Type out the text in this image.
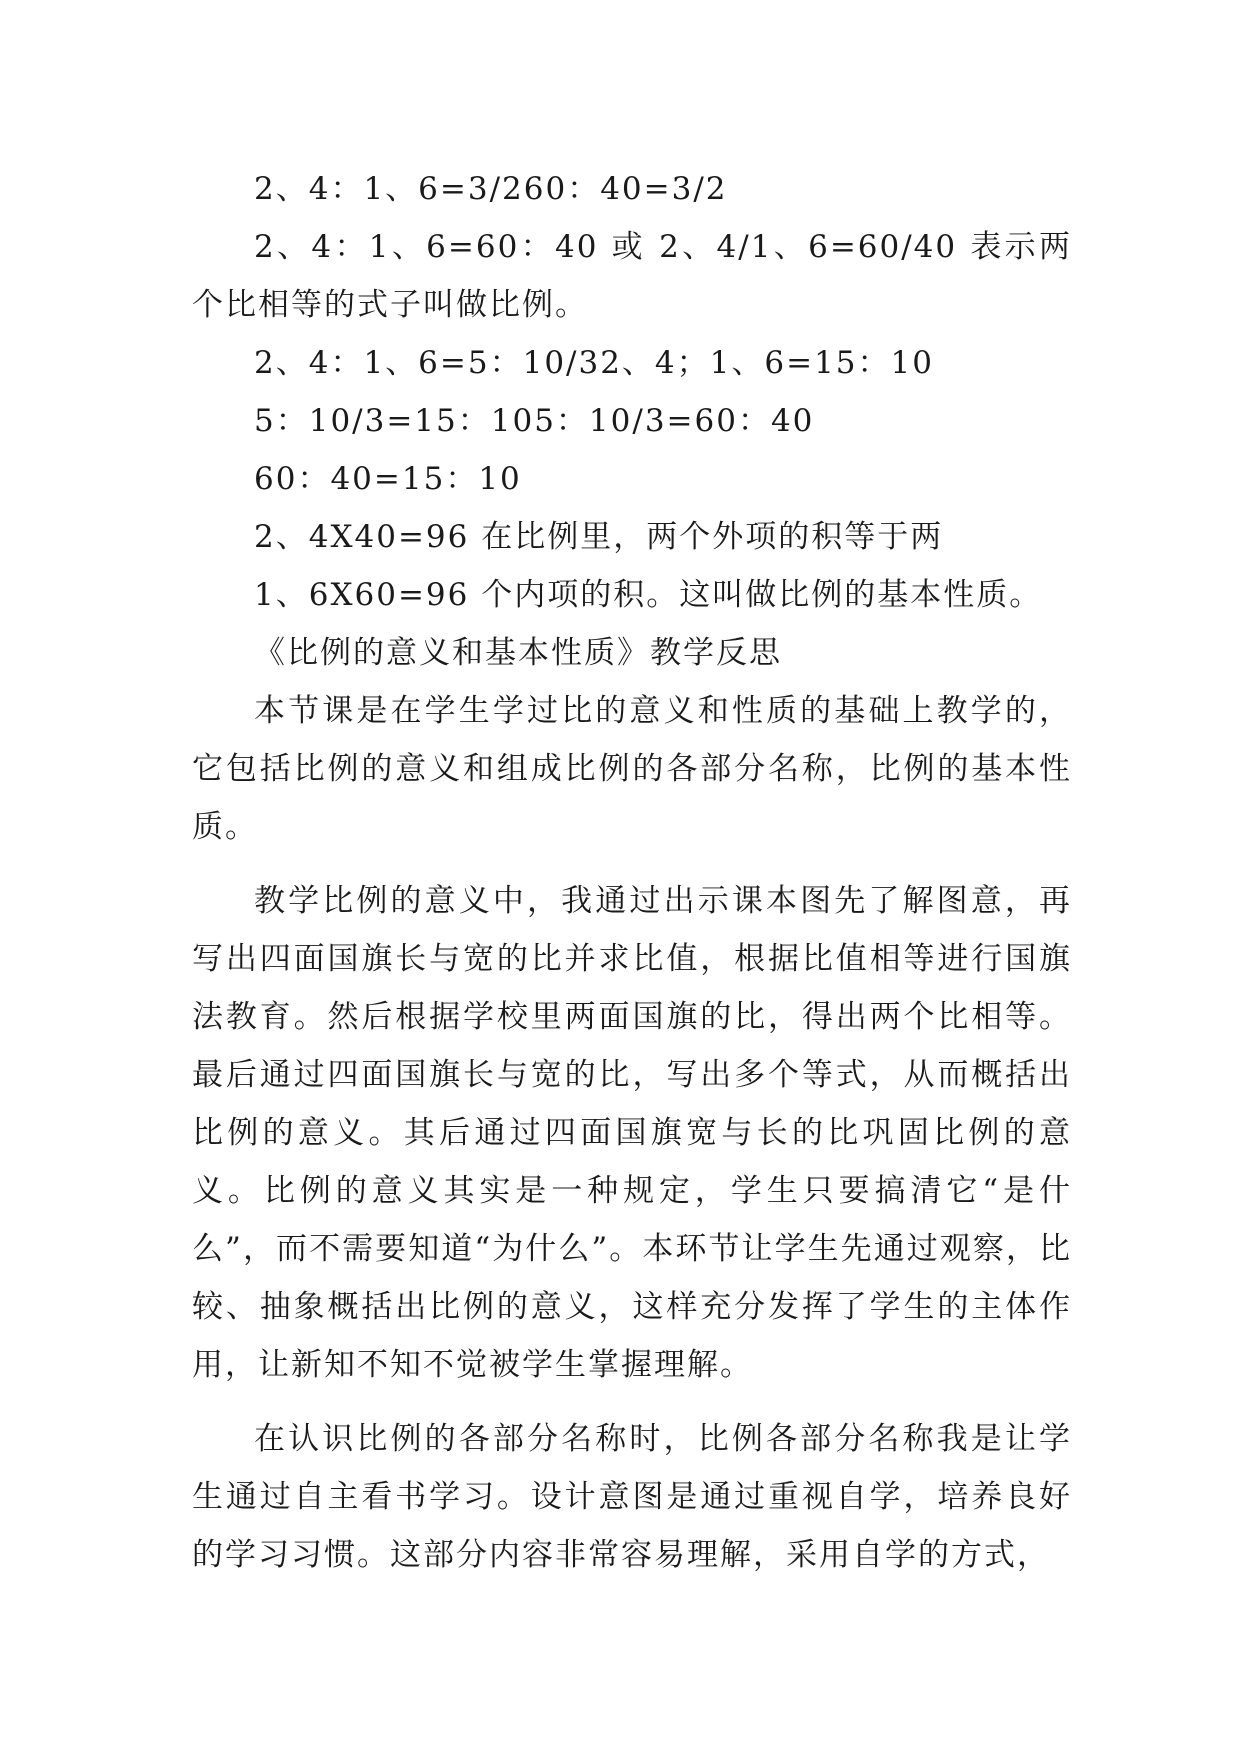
2、4：1、6=3/260：40=3/2
2、4：1、6=60：40 或 2、4/1、6=60/40 表示两个比相等的式子叫做比例。
2、4：1、6=5：10/32、4；1、6=15：10
5：10/3=15：105：10/3=60：40
60：40=15：10
2、4X40=96 在比例里，两个外项的积等于两
1、6X60=96 个内项的积。这叫做比例的基本性质。
《比例的意义和基本性质》教学反思
本节课是在学生学过比的意义和性质的基础上教学的，它包括比例的意义和组成比例的各部分名称，比例的基本性质。
教学比例的意义中，我通过出示课本图先了解图意，再写出四面国旗长与宽的比并求比值，根据比值相等进行国旗法教育。然后根据学校里两面国旗的比，得出两个比相等。最后通过四面国旗长与宽的比，写出多个等式，从而概括出比例的意义。其后通过四面国旗宽与长的比巩固比例的意义。比例的意义其实是一种规定，学生只要搞清它“是什么”，而不需要知道“为什么”。本环节让学生先通过观察，比较、抽象概括出比例的意义，这样充分发挥了学生的主体作用，让新知不知不觉被学生掌握理解。
在认识比例的各部分名称时，比例各部分名称我是让学生通过自主看书学习。设计意图是通过重视自学，培养良好的学习习惯。这部分内容非常容易理解，采用自学的方式，
